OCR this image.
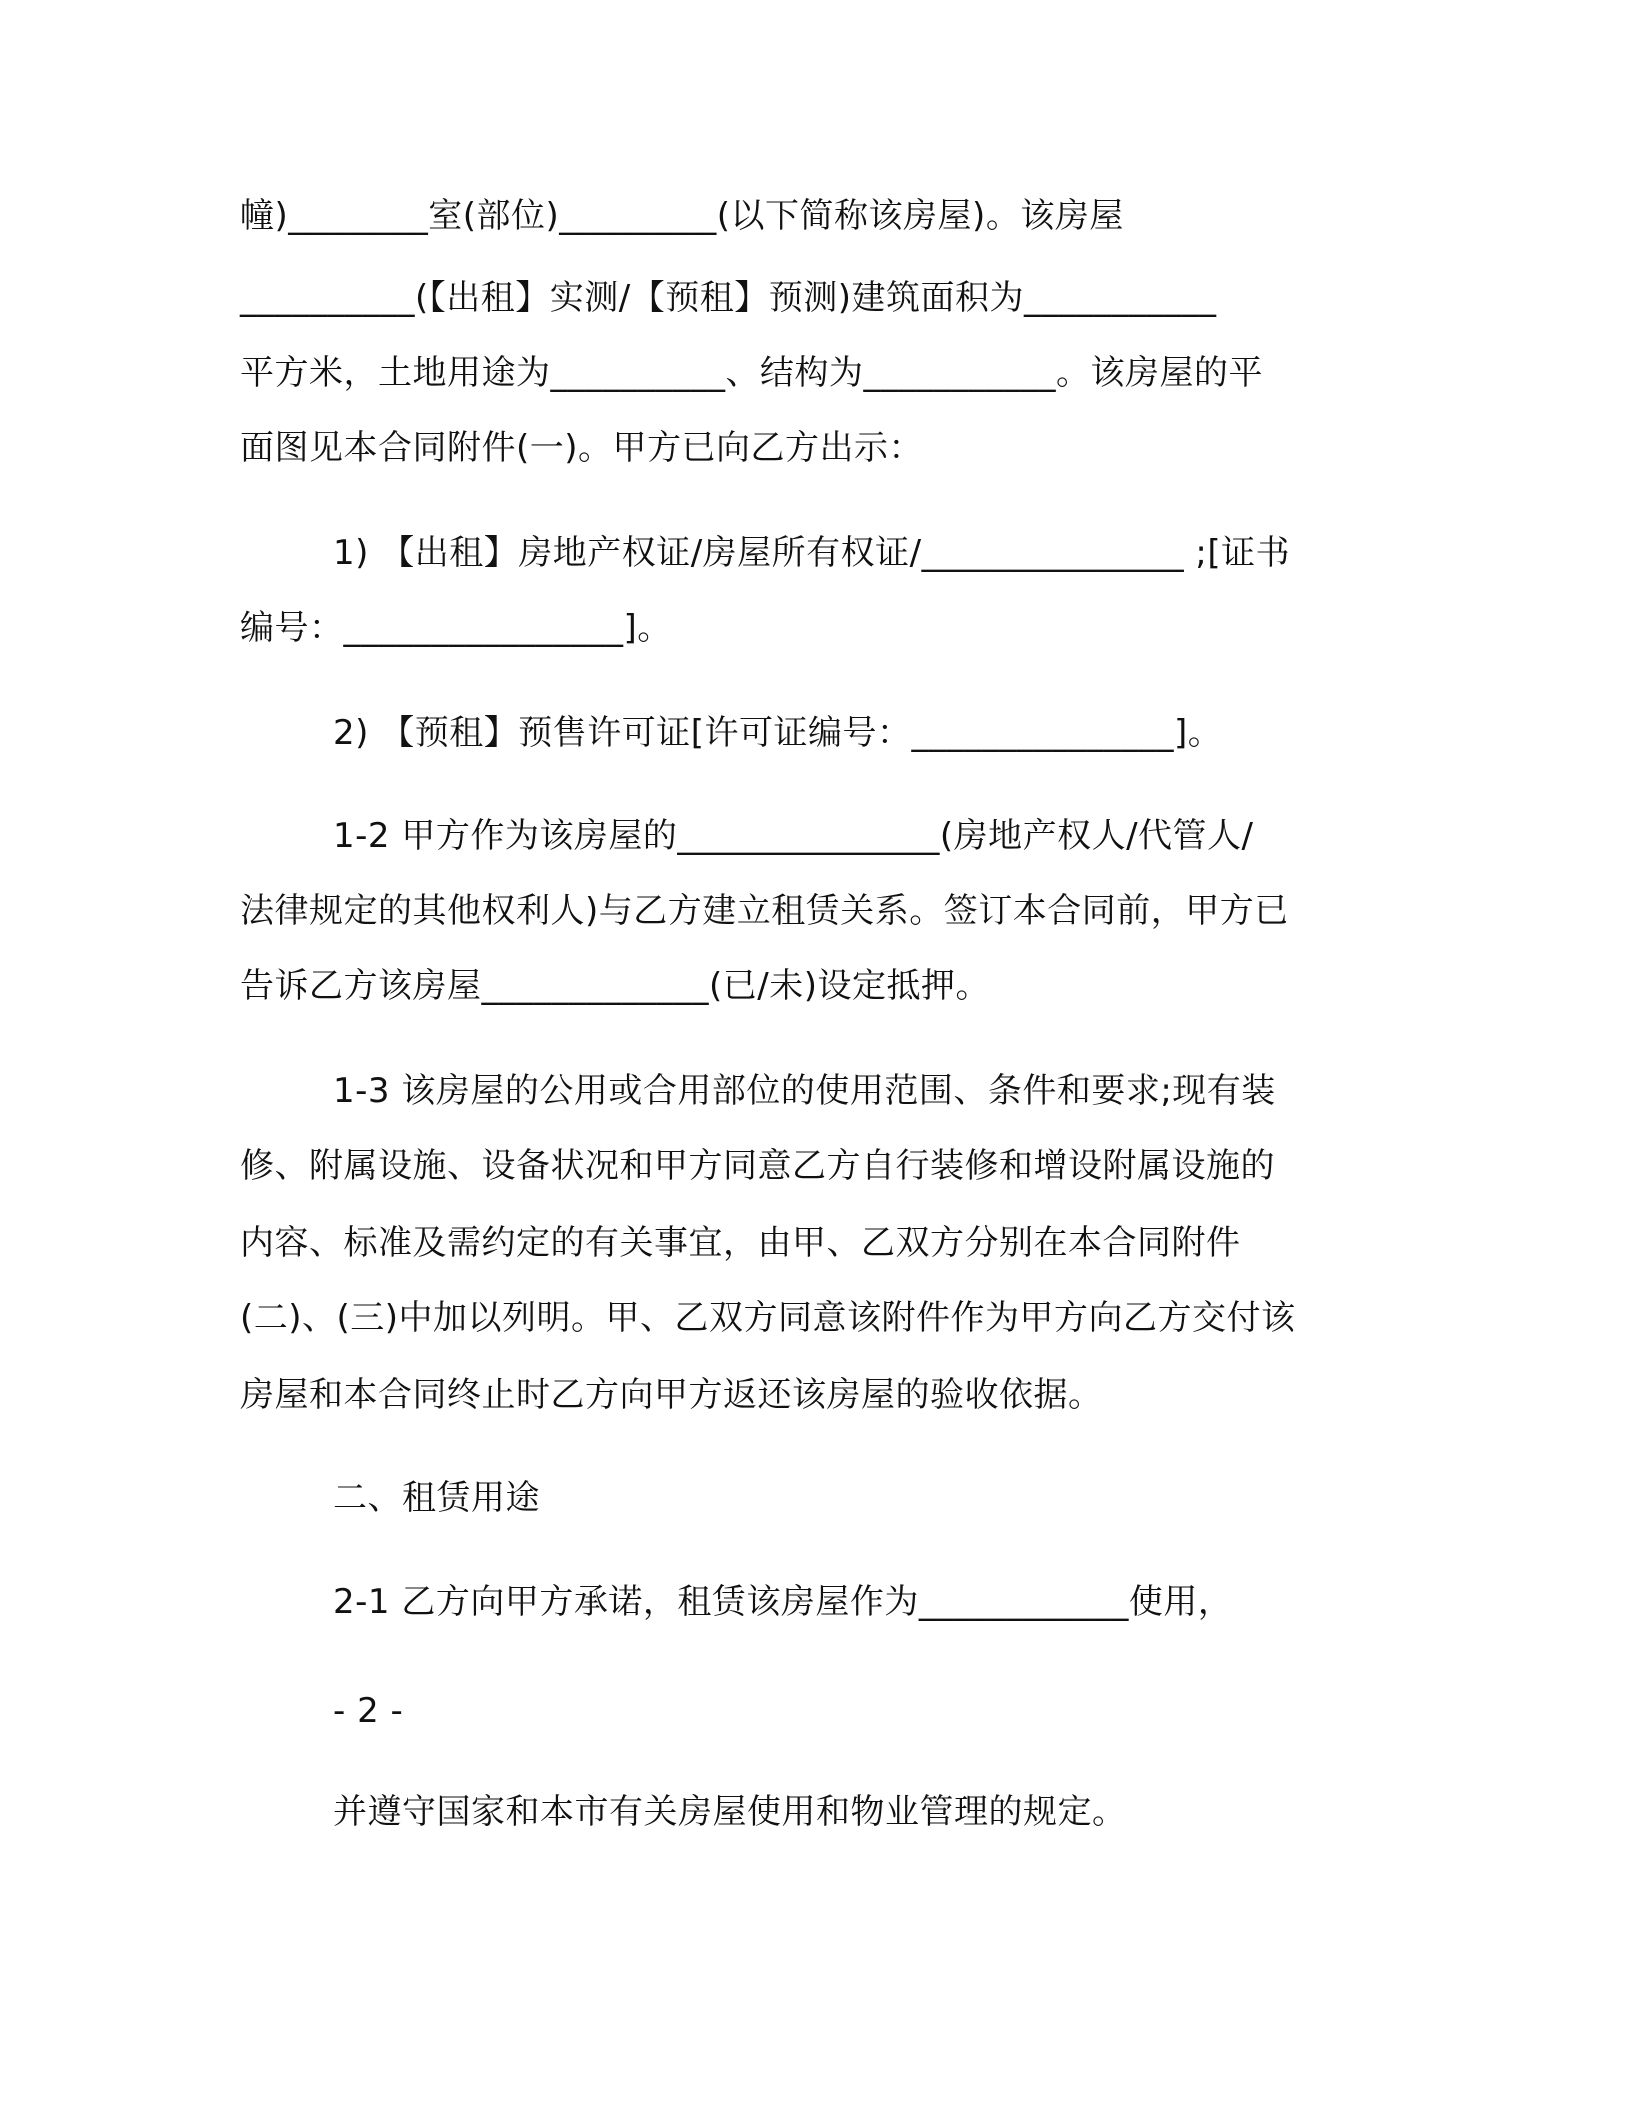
幢)________室(部位)_________(以下简称该房屋)。该房屋
__________(【出租】实测/【预租】预测)建筑面积为___________
平方米，土地用途为__________、结构为___________。该房屋的平
面图见本合同附件(一)。甲方已向乙方出示：
1) 【出租】房地产权证/房屋所有权证/_______________ ;[证书
编号：________________]。
2) 【预租】预售许可证[许可证编号：_______________]。
1-2 甲方作为该房屋的_______________(房地产权人/代管人/
法律规定的其他权利人)与乙方建立租赁关系。签订本合同前，甲方已
告诉乙方该房屋_____________(已/未)设定抵押。
1-3 该房屋的公用或合用部位的使用范围、条件和要求;现有装
修、附属设施、设备状况和甲方同意乙方自行装修和增设附属设施的
内容、标准及需约定的有关事宜，由甲、乙双方分别在本合同附件
(二)、(三)中加以列明。甲、乙双方同意该附件作为甲方向乙方交付该
房屋和本合同终止时乙方向甲方返还该房屋的验收依据。
二、租赁用途
2-1 乙方向甲方承诺，租赁该房屋作为____________使用，
- 2 -
并遵守国家和本市有关房屋使用和物业管理的规定。
